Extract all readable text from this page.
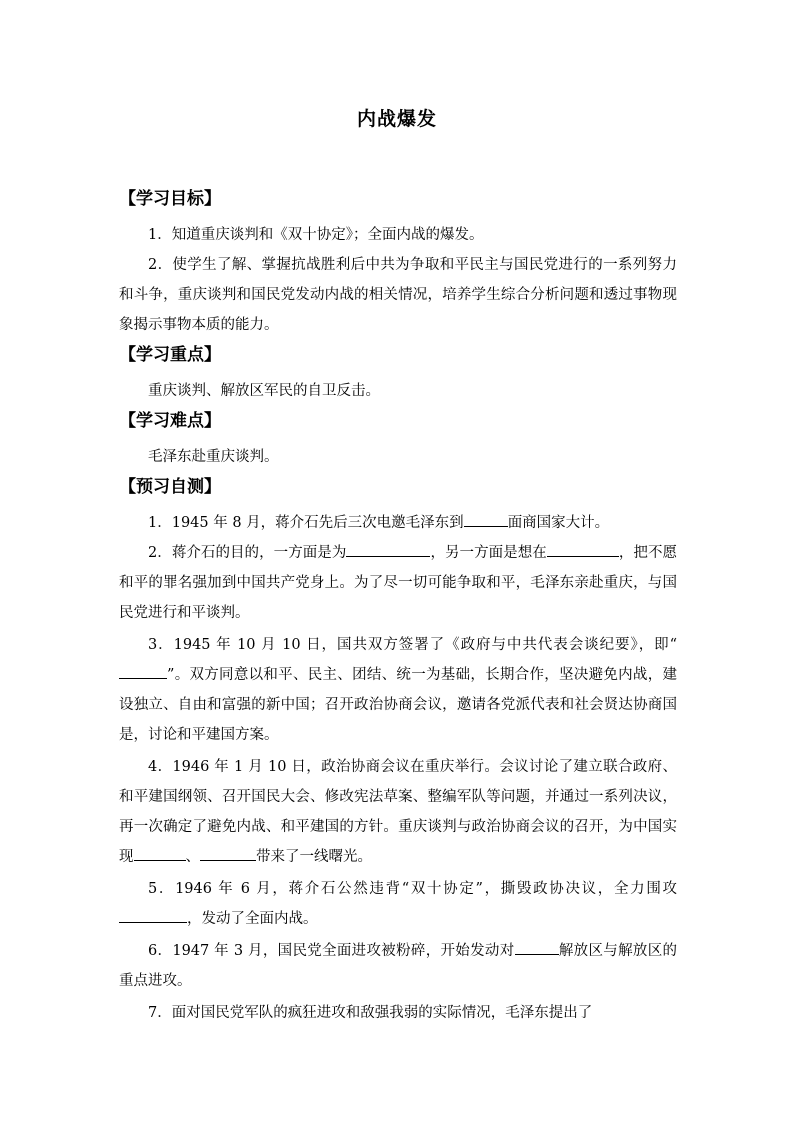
内战爆发

【学习目标】

1．知道重庆谈判和《双十协定》；全面内战的爆发。

2．使学生了解、掌握抗战胜利后中共为争取和平民主与国民党进行的一系列努力和斗争，重庆谈判和国民党发动内战的相关情况，培养学生综合分析问题和透过事物现象揭示事物本质的能力。

【学习重点】

重庆谈判、解放区军民的自卫反击。

【学习难点】

毛泽东赴重庆谈判。

【预习自测】

1．1945 年 8 月，蒋介石先后三次电邀毛泽东到	面商国家大计。

2．蒋介石的目的，一方面是为	，另一方面是想在	，把不愿和平的罪名强加到中国共产党身上。为了尽一切可能争取和平，毛泽东亲赴重庆，与国民党进行和平谈判。

3．1945 年 10 月 10 日，国共双方签署了《政府与中共代表会谈纪要》，即“”。双方同意以和平、民主、团结、统一为基础，长期合作，坚决避免内战，建设独立、自由和富强的新中国；召开政治协商会议，邀请各党派代表和社会贤达协商国是，讨论和平建国方案。

4．1946 年 1 月 10 日，政治协商会议在重庆举行。会议讨论了建立联合政府、和平建国纲领、召开国民大会、修改宪法草案、整编军队等问题，并通过一系列决议，再一次确定了避免内战、和平建国的方针。重庆谈判与政治协商会议的召开，为中国实现	、	带来了一线曙光。

5．1946 年 6 月，蒋介石公然违背“双十协定”，撕毁政协决议，全力围攻，发动了全面内战。

6．1947 年 3 月，国民党全面进攻被粉碎，开始发动对	解放区与解放区的重点进攻。

7．面对国民党军队的疯狂进攻和敌强我弱的实际情况，毛泽东提出了
